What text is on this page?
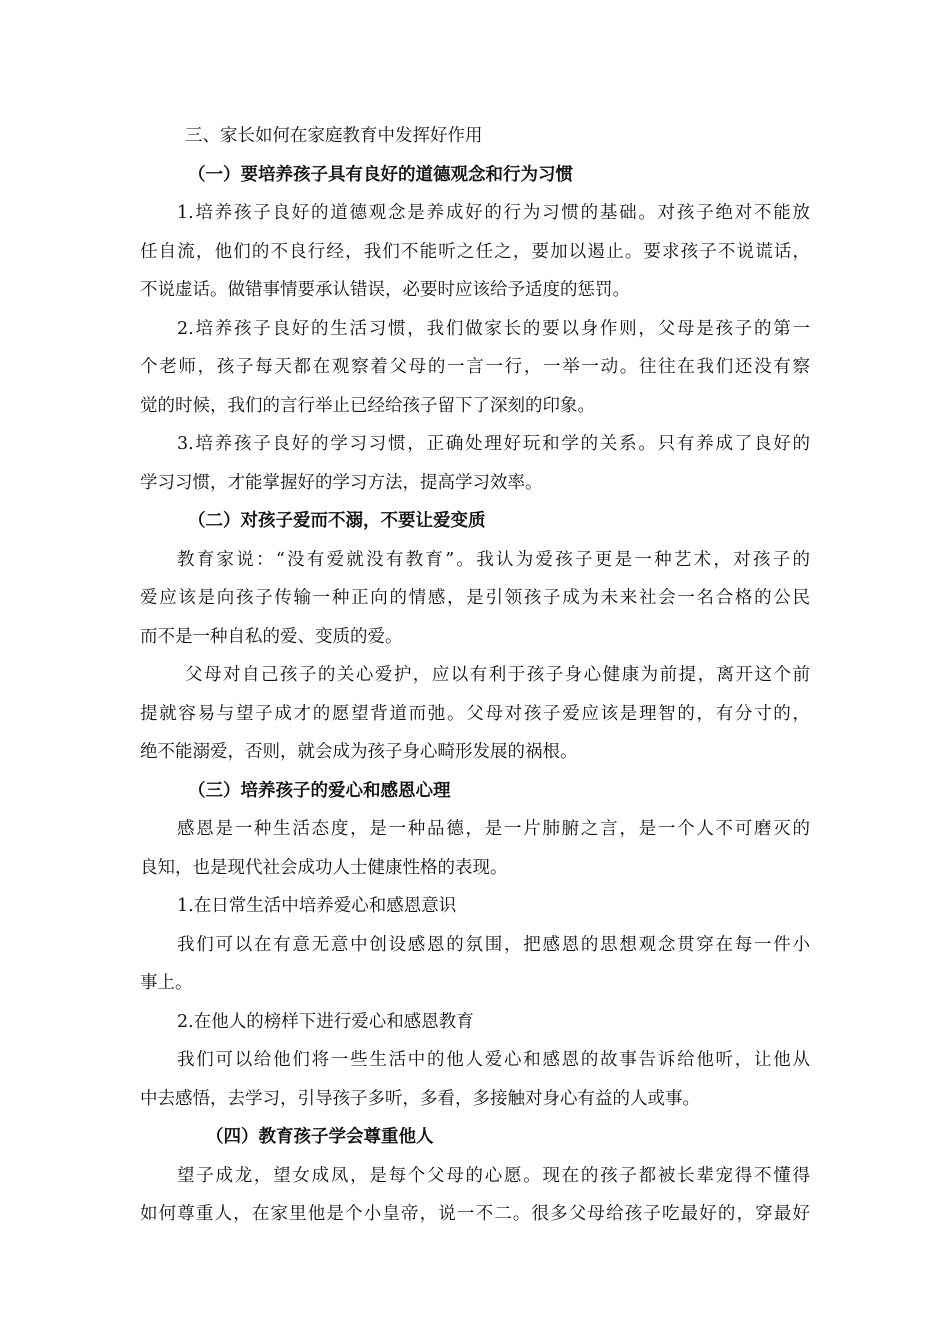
三、家长如何在家庭教育中发挥好作用
（一）要培养孩子具有良好的道德观念和行为习惯
1.培养孩子良好的道德观念是养成好的行为习惯的基础。对孩子绝对不能放
任自流，他们的不良行经，我们不能听之任之，要加以遏止。要求孩子不说谎话，
不说虚话。做错事情要承认错误，必要时应该给予适度的惩罚。
2.培养孩子良好的生活习惯，我们做家长的要以身作则，父母是孩子的第一
个老师，孩子每天都在观察着父母的一言一行，一举一动。往往在我们还没有察
觉的时候，我们的言行举止已经给孩子留下了深刻的印象。
3.培养孩子良好的学习习惯，正确处理好玩和学的关系。只有养成了良好的
学习习惯，才能掌握好的学习方法，提高学习效率。
（二）对孩子爱而不溺，不要让爱变质
教育家说：“没有爱就没有教育”。我认为爱孩子更是一种艺术，对孩子的
爱应该是向孩子传输一种正向的情感，是引领孩子成为未来社会一名合格的公民
而不是一种自私的爱、变质的爱。
父母对自己孩子的关心爱护，应以有利于孩子身心健康为前提，离开这个前
提就容易与望子成才的愿望背道而弛。父母对孩子爱应该是理智的，有分寸的，
绝不能溺爱，否则，就会成为孩子身心畸形发展的祸根。
（三）培养孩子的爱心和感恩心理
感恩是一种生活态度，是一种品德，是一片肺腑之言，是一个人不可磨灭的
良知，也是现代社会成功人士健康性格的表现。
1.在日常生活中培养爱心和感恩意识
我们可以在有意无意中创设感恩的氛围，把感恩的思想观念贯穿在每一件小
事上。
2.在他人的榜样下进行爱心和感恩教育
我们可以给他们将一些生活中的他人爱心和感恩的故事告诉给他听，让他从
中去感悟，去学习，引导孩子多听，多看，多接触对身心有益的人或事。
（四）教育孩子学会尊重他人
望子成龙，望女成凤，是每个父母的心愿。现在的孩子都被长辈宠得不懂得
如何尊重人，在家里他是个小皇帝，说一不二。很多父母给孩子吃最好的，穿最好
